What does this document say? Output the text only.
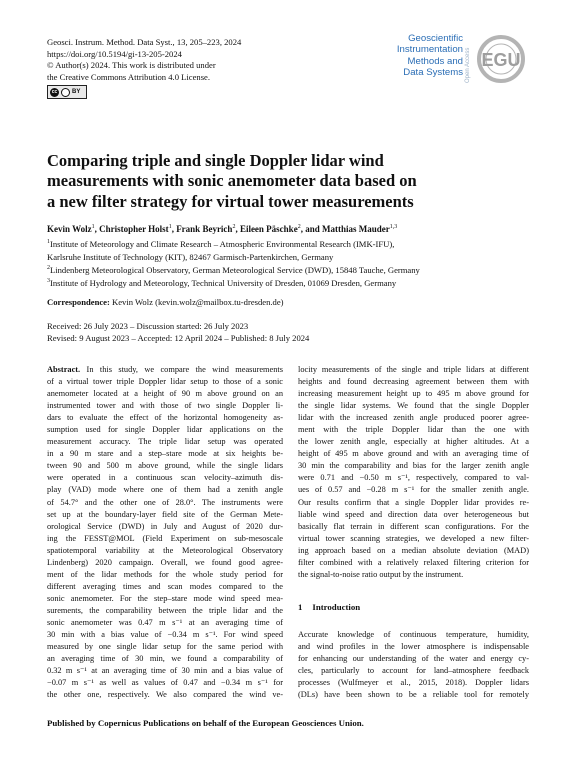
Geosci. Instrum. Method. Data Syst., 13, 205–223, 2024
https://doi.org/10.5194/gi-13-205-2024
© Author(s) 2024. This work is distributed under
the Creative Commons Attribution 4.0 License.
cc BY
Geoscientific
Instrumentation
Methods and
Data Systems Open Access EGU
Comparing triple and single Doppler lidar wind
measurements with sonic anemometer data based on
a new filter strategy for virtual tower measurements
Kevin Wolz$^1$, Christopher Holst$^1$, Frank Beyrich$^2$, Eileen Päschke$^2$, and Matthias Mauder$^{1,3}$
$^1$Institute of Meteorology and Climate Research – Atmospheric Environmental Research (IMK-IFU),
Karlsruhe Institute of Technology (KIT), 82467 Garmisch-Partenkirchen, Germany
$^2$Lindenberg Meteorological Observatory, German Meteorological Service (DWD), 15848 Tauche, Germany
$^3$Institute of Hydrology and Meteorology, Technical University of Dresden, 01069 Dresden, Germany
Correspondence: Kevin Wolz (kevin.wolz@mailbox.tu-dresden.de)
Received: 26 July 2023 – Discussion started: 26 July 2023
Revised: 9 August 2023 – Accepted: 12 April 2024 – Published: 8 July 2024
Abstract. In this study, we compare the wind measurements
of a virtual tower triple Doppler lidar setup to those of a sonic
anemometer located at a height of 90 m above ground on an
instrumented tower and with those of two single Doppler li-
dars to evaluate the effect of the horizontal homogeneity as-
sumption used for single Doppler lidar applications on the
measurement accuracy. The triple lidar setup was operated
in a 90 m stare and a step–stare mode at six heights be-
tween 90 and 500 m above ground, while the single lidars
were operated in a continuous scan velocity–azimuth dis-
play (VAD) mode where one of them had a zenith angle
of 54.7° and the other one of 28.0°. The instruments were
set up at the boundary-layer field site of the German Mete-
orological Service (DWD) in July and August of 2020 dur-
ing the FESST@MOL (Field Experiment on sub-mesoscale
spatiotemporal variability at the Meteorological Observatory
Lindenberg) 2020 campaign. Overall, we found good agree-
ment of the lidar methods for the whole study period for
different averaging times and scan modes compared to the
sonic anemometer. For the step–stare mode wind speed mea-
surements, the comparability between the triple lidar and the
sonic anemometer was 0.47 m s⁻¹ at an averaging time of
30 min with a bias value of −0.34 m s⁻¹. For wind speed
measured by one single lidar setup for the same period with
an averaging time of 30 min, we found a comparability of
0.32 m s⁻¹ at an averaging time of 30 min and a bias value of
−0.07 m s⁻¹ as well as values of 0.47 and −0.34 m s⁻¹ for
the other one, respectively. We also compared the wind ve-
locity measurements of the single and triple lidars at different
heights and found decreasing agreement between them with
increasing measurement height up to 495 m above ground for
the single lidar systems. We found that the single Doppler
lidar with the increased zenith angle produced poorer agree-
ment with the triple Doppler lidar than the one with
the lower zenith angle, especially at higher altitudes. At a
height of 495 m above ground and with an averaging time of
30 min the comparability and bias for the larger zenith angle
were 0.71 and −0.50 m s⁻¹, respectively, compared to val-
ues of 0.57 and −0.28 m s⁻¹ for the smaller zenith angle.
Our results confirm that a single Doppler lidar provides re-
liable wind speed and direction data over heterogeneous but
basically flat terrain in different scan configurations. For the
virtual tower scanning strategies, we developed a new filter-
ing approach based on a median absolute deviation (MAD)
filter combined with a relatively relaxed filtering criterion for
the signal-to-noise ratio output by the instrument.
1 Introduction
Accurate knowledge of continuous temperature, humidity,
and wind profiles in the lower atmosphere is indispensable
for enhancing our understanding of the water and energy cy-
cles, particularly to account for land–atmosphere feedback
processes (Wulfmeyer et al., 2015, 2018). Doppler lidars
(DLs) have been shown to be a reliable tool for remotely
Published by Copernicus Publications on behalf of the European Geosciences Union.
